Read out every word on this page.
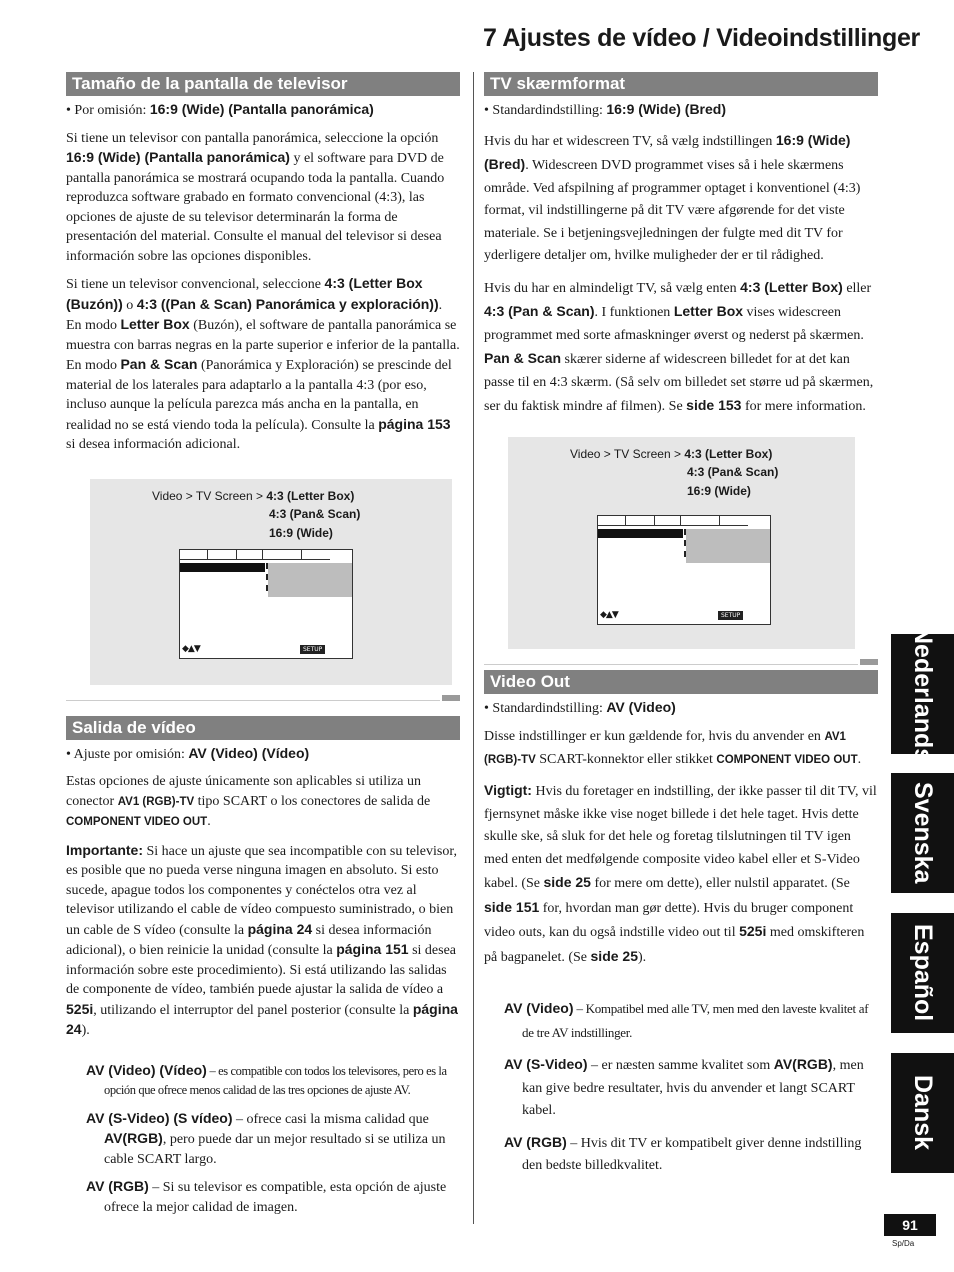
7 Ajustes de vídeo / Videoindstillinger
Tamaño de la pantalla de televisor

• Por omisión: 16:9 (Wide) (Pantalla panorámica)

Si tiene un televisor con pantalla panorámica, seleccione la opción 16:9 (Wide) (Pantalla panorámica) y el software para DVD de pantalla panorámica se mostrará ocupando toda la pantalla. Cuando reproduzca software grabado en formato convencional (4:3), las opciones de ajuste de su televisor determinarán la forma de presentación del material. Consulte el manual del televisor si desea información sobre las opciones disponibles.

Si tiene un televisor convencional, seleccione 4:3 (Letter Box (Buzón)) o 4:3 ((Pan & Scan) Panorámica y exploración)). En modo Letter Box (Buzón), el software de pantalla panorámica se muestra con barras negras en la parte superior e inferior de la pantalla. En modo Pan & Scan (Panorámica y Exploración) se prescinde del material de los laterales para adaptarlo a la pantalla 4:3 (por eso, incluso aunque la película parezca más ancha en la pantalla, en realidad no se está viendo toda la película). Consulte la página 153 si desea información adicional.

Video > TV Screen > 4:3 (Letter Box)
4:3 (Pan& Scan)
16:9 (Wide)
◆▲▼	SETUP
Salida de vídeo

• Ajuste por omisión: AV (Video) (Vídeo)

Estas opciones de ajuste únicamente son aplicables si utiliza un conector AV1 (RGB)-TV tipo SCART o los conectores de salida de COMPONENT VIDEO OUT.

Importante: Si hace un ajuste que sea incompatible con su televisor, es posible que no pueda verse ninguna imagen en absoluto. Si esto sucede, apague todos los componentes y conéctelos otra vez al televisor utilizando el cable de vídeo compuesto suministrado, o bien un cable de S vídeo (consulte la página 24 si desea información adicional), o bien reinicie la unidad (consulte la página 151 si desea información sobre este procedimiento). Si está utilizando las salidas de componente de vídeo, también puede ajustar la salida de vídeo a 525i, utilizando el interruptor del panel posterior (consulte la página 24).

AV (Video) (Vídeo) – es compatible con todos los televisores, pero es la opción que ofrece menos calidad de las tres opciones de ajuste AV.

AV (S-Video) (S vídeo) – ofrece casi la misma calidad que AV(RGB), pero puede dar un mejor resultado si se utiliza un cable SCART largo.

AV (RGB) – Si su televisor es compatible, esta opción de ajuste ofrece la mejor calidad de imagen.

TV skærmformat

• Standardindstilling: 16:9 (Wide) (Bred)

Hvis du har et widescreen TV, så vælg indstillingen 16:9 (Wide) (Bred). Widescreen DVD programmet vises så i hele skærmens område. Ved afspilning af programmer optaget i konventionel (4:3) format, vil indstillingerne på dit TV være afgørende for det viste materiale. Se i betjeningsvejledningen der fulgte med dit TV for yderligere detaljer om, hvilke muligheder der er til rådighed.

Hvis du har en almindeligt TV, så vælg enten 4:3 (Letter Box) eller 4:3 (Pan & Scan). I funktionen Letter Box vises widescreen programmet med sorte afmaskninger øverst og nederst på skærmen. Pan & Scan skærer siderne af widescreen billedet for at det kan passe til en 4:3 skærm. (Så selv om billedet set større ud på skærmen, ser du faktisk mindre af filmen). Se side 153 for mere information.

Video > TV Screen > 4:3 (Letter Box)
4:3 (Pan& Scan)
16:9 (Wide)
◆▲▼	SETUP
Video Out

• Standardindstilling: AV (Video)

Disse indstillinger er kun gældende for, hvis du anvender en AV1 (RGB)-TV SCART-konnektor eller stikket COMPONENT VIDEO OUT.

Vigtigt: Hvis du foretager en indstilling, der ikke passer til dit TV, vil fjernsynet måske ikke vise noget billede i det hele taget. Hvis dette skulle ske, så sluk for det hele og foretag tilslutningen til TV igen med enten det medfølgende composite video kabel eller et S-Video kabel. (Se side 25 for mere om dette), eller nulstil apparatet. (Se side 151 for, hvordan man gør dette). Hvis du bruger component video outs, kan du også indstille video out til 525i med omskifteren på bagpanelet. (Se side 25).

AV (Video) – Kompatibel med alle TV, men med den laveste kvalitet af de tre AV indstillinger.

AV (S-Video) – er næsten samme kvalitet som AV(RGB), men kan give bedre resultater, hvis du anvender et langt SCART kabel.

AV (RGB) – Hvis dit TV er kompatibelt giver denne indstilling den bedste billedkvalitet.

Nederlands
Svenska
Español
Dansk
91
Sp/Da
